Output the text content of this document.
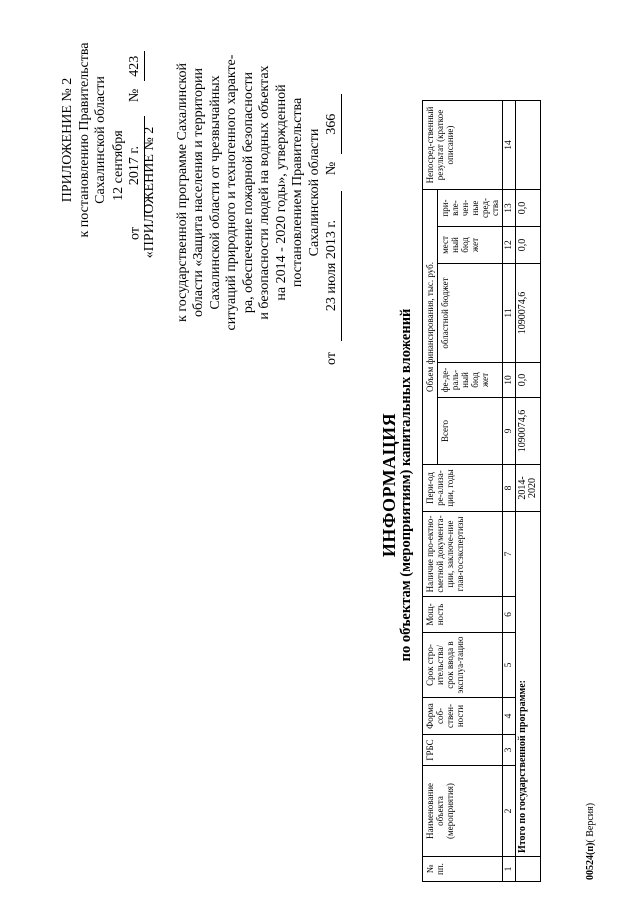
ПРИЛОЖЕНИЕ № 2 к постановлению Правительства Сахалинской области
от 12 сентября 2017 г. № 423
«ПРИЛОЖЕНИЕ № 2 к государственной программе Сахалинской области «Защита населения и территории Сахалинской области от чрезвычайных ситуаций природного и техногенного характе- ра, обеспечение пожарной безопасности и безопасности людей на водных объектах на 2014 - 2020 годы», утвержденной постановлением Правительства Сахалинской области
от 23 июля 2013 г. № 366
ИНФОРМАЦИЯ по объектам (мероприятиям) капитальных вложений
№ пп.	Наименование объекта (мероприятия)	ГРБС	Форма соб-ствен-ности	Срок стро-ительства/ срок ввода в эксплуа-тацию	Мощ-ность	Наличие про-ектно-сметной документа-ции, заключе-ние глав-госэкспертизы	Пери-од ре-ализа-ции, годы	Объем финансирования, тыс. руб.					Непосред-ственный результат (краткое описание)
								Всего	фе-де-раль-ный бюд жет	областной бюджет	мест ный бюд жет	при-вле-чен-ные сред-ства	
1	2	3	4	5	6	7	8	9	10	11	12	13	14
	Итого по государственной программе:						2014-2020	1090074,6	0,0	1090074,6	0,0	0,0	
00524(п)( Версия)
